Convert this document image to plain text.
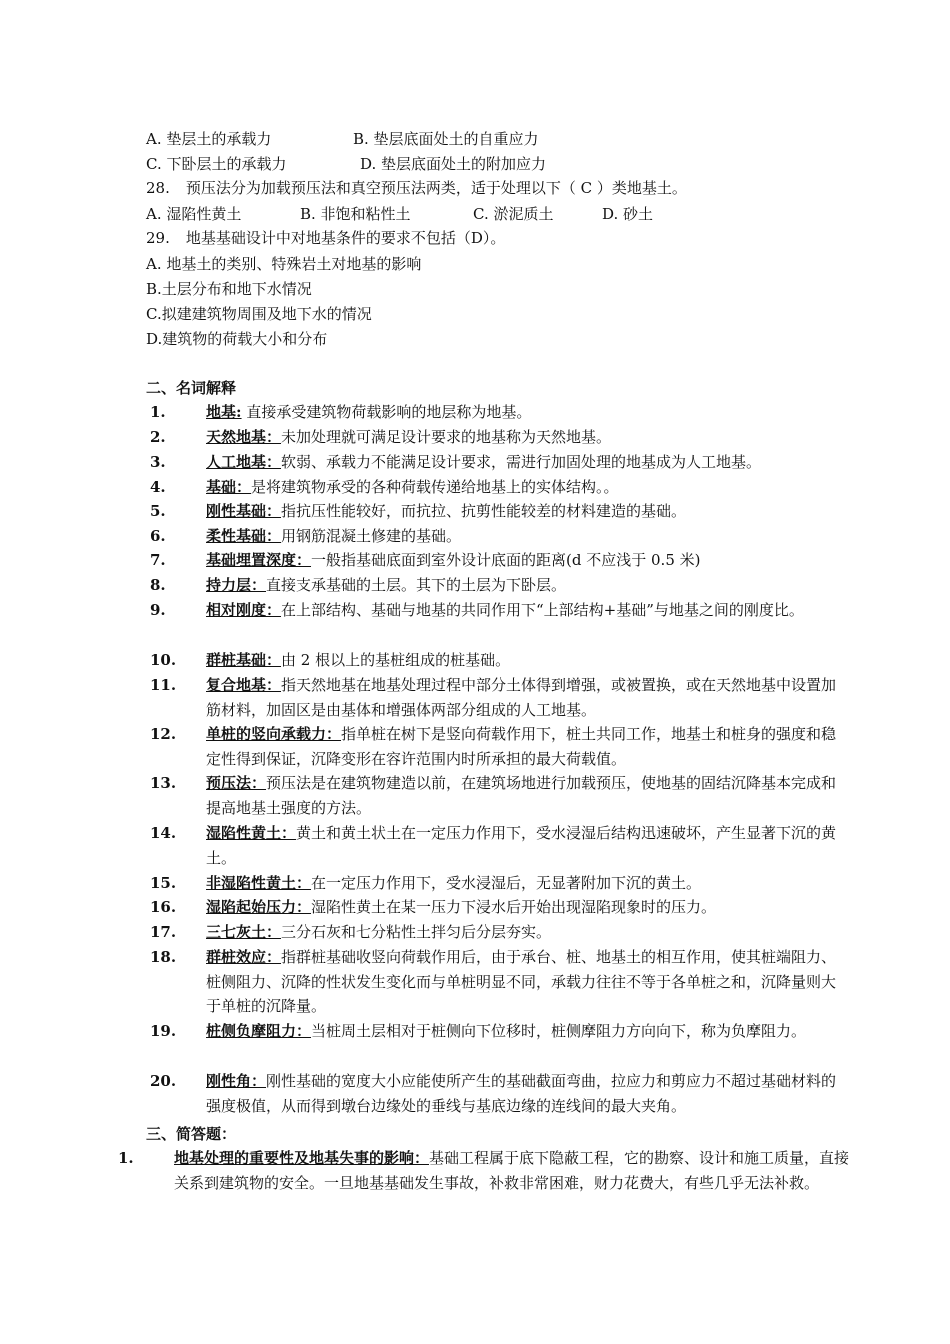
A. 垫层土的承载力	B. 垫层底面处土的自重应力
C. 下卧层土的承载力	D. 垫层底面处土的附加应力
28. 预压法分为加载预压法和真空预压法两类，适于处理以下（ C ）类地基土。
A. 湿陷性黄土	B. 非饱和粘性土	C. 淤泥质土	D. 砂土
29. 地基基础设计中对地基条件的要求不包括（D）。
A. 地基土的类别、特殊岩土对地基的影响
B.土层分布和地下水情况
C.拟建建筑物周围及地下水的情况
D.建筑物的荷载大小和分布
二、名词解释
1.	地基: 直接承受建筑物荷载影响的地层称为地基。
2.	天然地基：未加处理就可满足设计要求的地基称为天然地基。
3.	人工地基：软弱、承载力不能满足设计要求，需进行加固处理的地基成为人工地基。
4.	基础：是将建筑物承受的各种荷载传递给地基上的实体结构。。
5.	刚性基础：指抗压性能较好，而抗拉、抗剪性能较差的材料建造的基础。
6.	柔性基础：用钢筋混凝土修建的基础。
7.	基础埋置深度：一般指基础底面到室外设计底面的距离(d 不应浅于 0.5 米)
8.	持力层：直接支承基础的土层。其下的土层为下卧层。
9.	相对刚度：在上部结构、基础与地基的共同作用下“上部结构+基础”与地基之间的刚度比。
10. 群桩基础：由 2 根以上的基桩组成的桩基础。
11. 复合地基：指天然地基在地基处理过程中部分土体得到增强，或被置换，或在天然地基中设置加筋材料，加固区是由基体和增强体两部分组成的人工地基。
12. 单桩的竖向承载力：指单桩在树下是竖向荷载作用下，桩土共同工作，地基土和桩身的强度和稳定性得到保证，沉降变形在容许范围内时所承担的最大荷载值。
13. 预压法：预压法是在建筑物建造以前，在建筑场地进行加载预压，使地基的固结沉降基本完成和提高地基土强度的方法。
14. 湿陷性黄土：黄土和黄土状土在一定压力作用下，受水浸湿后结构迅速破坏，产生显著下沉的黄土。
15. 非湿陷性黄土：在一定压力作用下，受水浸湿后，无显著附加下沉的黄土。
16. 湿陷起始压力：湿陷性黄土在某一压力下浸水后开始出现湿陷现象时的压力。
17. 三七灰土：三分石灰和七分粘性土拌匀后分层夯实。
18. 群桩效应：指群桩基础收竖向荷载作用后，由于承台、桩、地基土的相互作用，使其桩端阻力、桩侧阻力、沉降的性状发生变化而与单桩明显不同，承载力往往不等于各单桩之和，沉降量则大于单桩的沉降量。
19. 桩侧负摩阻力：当桩周土层相对于桩侧向下位移时，桩侧摩阻力方向向下，称为负摩阻力。
20. 刚性角：刚性基础的宽度大小应能使所产生的基础截面弯曲，拉应力和剪应力不超过基础材料的强度极值，从而得到墩台边缘处的垂线与基底边缘的连线间的最大夹角。
三、简答题：
1.	地基处理的重要性及地基失事的影响：基础工程属于底下隐蔽工程，它的勘察、设计和施工质量，直接关系到建筑物的安全。一旦地基基础发生事故，补救非常困难，财力花费大，有些几乎无法补救。
